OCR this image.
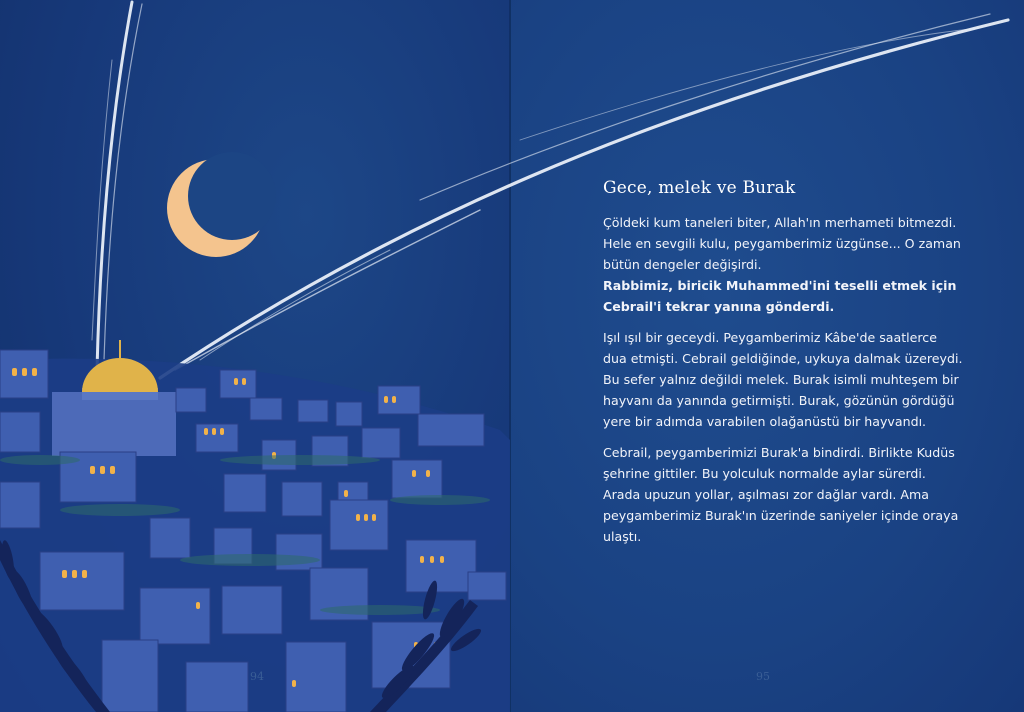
Gece, melek ve Burak

Çöldeki kum taneleri biter, Allah'ın merhameti bitmezdi. Hele en sevgili kulu, peygamberimiz üzgünse... O zaman bütün dengeler değişirdi.
Rabbimiz, biricik Muhammed'ini teselli etmek için Cebrail'i tekrar yanına gönderdi.

Işıl ışıl bir geceydi. Peygamberimiz Kâbe'de saatlerce dua etmişti. Cebrail geldiğinde, uykuya dalmak üzereydi. Bu sefer yalnız değildi melek. Burak isimli muhteşem bir hayvanı da yanında getirmişti. Burak, gözünün gördüğü yere bir adımda varabilen olağanüstü bir hayvandı.

Cebrail, peygamberimizi Burak'a bindirdi. Birlikte Kudüs şehrine gittiler. Bu yolculuk normalde aylar sürerdi. Arada upuzun yollar, aşılması zor dağlar vardı. Ama peygamberimiz Burak'ın üzerinde saniyeler içinde oraya ulaştı.

94	95
